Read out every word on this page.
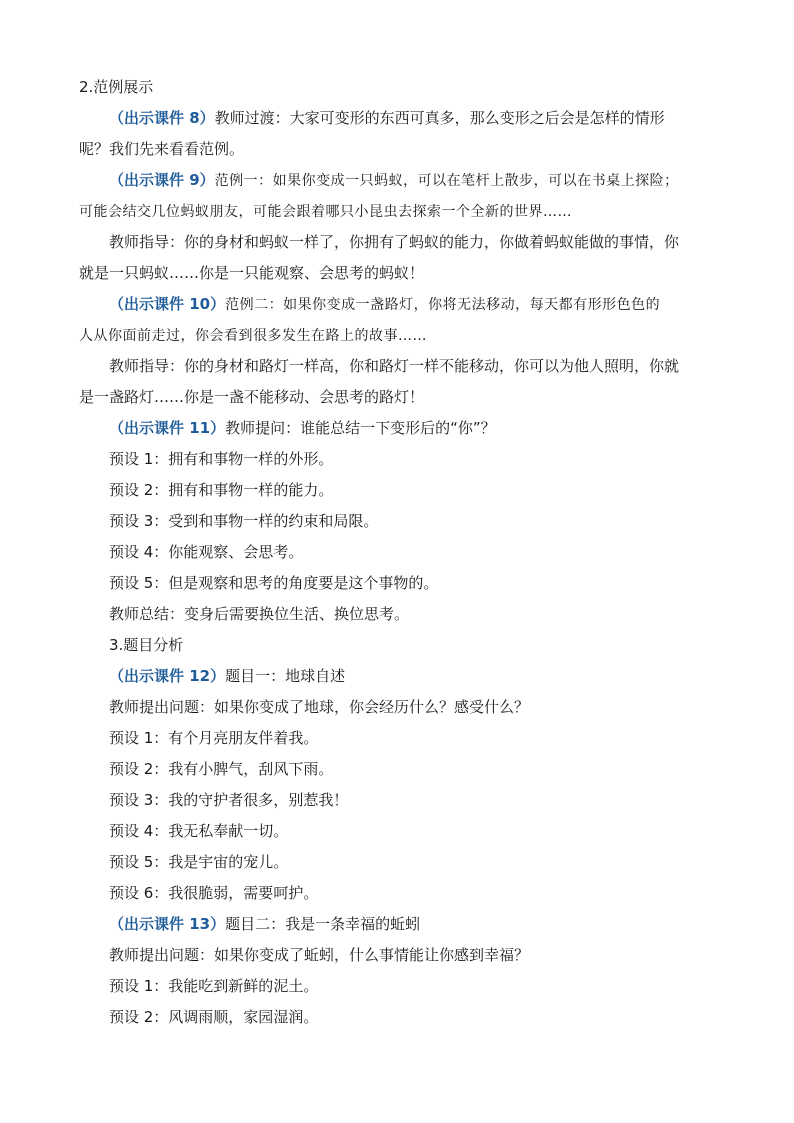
2.范例展示
（出示课件 8）教师过渡：大家可变形的东西可真多，那么变形之后会是怎样的情形
呢？我们先来看看范例。
（出示课件 9）范例一：如果你变成一只蚂蚁，可以在笔杆上散步，可以在书桌上探险；
可能会结交几位蚂蚁朋友，可能会跟着哪只小昆虫去探索一个全新的世界……
教师指导：你的身材和蚂蚁一样了，你拥有了蚂蚁的能力，你做着蚂蚁能做的事情，你
就是一只蚂蚁……你是一只能观察、会思考的蚂蚁！
（出示课件 10）范例二：如果你变成一盏路灯，你将无法移动，每天都有形形色色的
人从你面前走过，你会看到很多发生在路上的故事……
教师指导：你的身材和路灯一样高，你和路灯一样不能移动，你可以为他人照明，你就
是一盏路灯……你是一盏不能移动、会思考的路灯！
（出示课件 11）教师提问：谁能总结一下变形后的“你”？
预设 1：拥有和事物一样的外形。
预设 2：拥有和事物一样的能力。
预设 3：受到和事物一样的约束和局限。
预设 4：你能观察、会思考。
预设 5：但是观察和思考的角度要是这个事物的。
教师总结：变身后需要换位生活、换位思考。
3.题目分析
（出示课件 12）题目一：地球自述
教师提出问题：如果你变成了地球，你会经历什么？感受什么？
预设 1：有个月亮朋友伴着我。
预设 2：我有小脾气，刮风下雨。
预设 3：我的守护者很多，别惹我！
预设 4：我无私奉献一切。
预设 5：我是宇宙的宠儿。
预设 6：我很脆弱，需要呵护。
（出示课件 13）题目二：我是一条幸福的蚯蚓
教师提出问题：如果你变成了蚯蚓，什么事情能让你感到幸福？
预设 1：我能吃到新鲜的泥土。
预设 2：风调雨顺，家园湿润。
